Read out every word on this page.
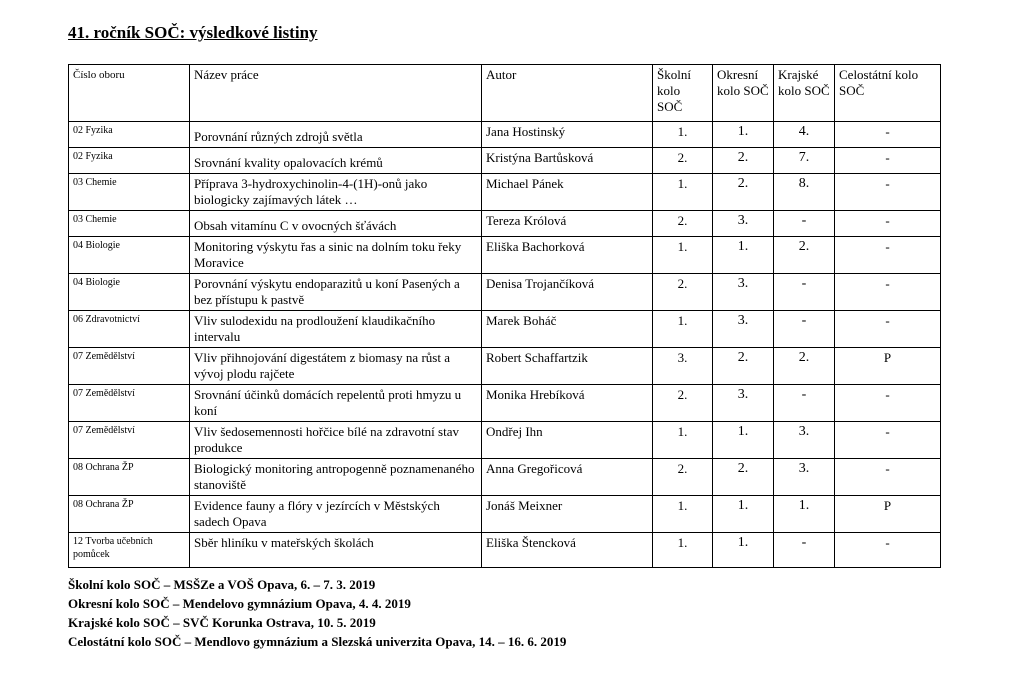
41. ročník SOČ: výsledkové listiny
Číslo oboru	Název práce	Autor	Školní kolo SOČ	Okresní kolo SOČ	Krajské kolo SOČ	Celostátní kolo SOČ
02 Fyzika	Porovnání různých zdrojů světla	Jana Hostinský	1.	1.	4.	-
02 Fyzika	Srovnání kvality opalovacích krémů	Kristýna Bartůsková	2.	2.	7.	-
03 Chemie	Příprava 3-hydroxychinolin-4-(1H)-onů jako biologicky zajímavých látek …	Michael Pánek	1.	2.	8.	-
03 Chemie	Obsah vitamínu C v ovocných šťávách	Tereza Królová	2.	3.	-	-
04 Biologie	Monitoring výskytu řas a sinic na dolním toku řeky Moravice	Eliška Bachorková	1.	1.	2.	-
04 Biologie	Porovnání výskytu endoparazitů u koní Pasených a bez přístupu k pastvě	Denisa Trojančíková	2.	3.	-	-
06 Zdravotnictví	Vliv sulodexidu na prodloužení klaudikačního intervalu	Marek Boháč	1.	3.	-	-
07 Zemědělství	Vliv přihnojování digestátem z biomasy na růst a vývoj plodu rajčete	Robert Schaffartzik	3.	2.	2.	P
07 Zemědělství	Srovnání účinků domácích repelentů proti hmyzu u koní	Monika Hrebíková	2.	3.	-	-
07 Zemědělství	Vliv šedosemennosti hořčice bílé na zdravotní stav produkce	Ondřej Ihn	1.	1.	3.	-
08 Ochrana ŽP	Biologický monitoring antropogenně poznamenaného stanoviště	Anna Gregořicová	2.	2.	3.	-
08 Ochrana ŽP	Evidence fauny a flóry v jezírcích v Městských sadech Opava	Jonáš Meixner	1.	1.	1.	P
12 Tvorba učebních pomůcek	Sběr hliníku v mateřských školách	Eliška Štencková	1.	1.	-	-
Školní kolo SOČ – MSŠZe a VOŠ Opava, 6. – 7. 3. 2019
Okresní kolo SOČ – Mendelovo gymnázium Opava, 4. 4. 2019
Krajské kolo SOČ – SVČ Korunka Ostrava, 10. 5. 2019
Celostátní kolo SOČ – Mendlovo gymnázium a Slezská univerzita Opava, 14. – 16. 6. 2019
